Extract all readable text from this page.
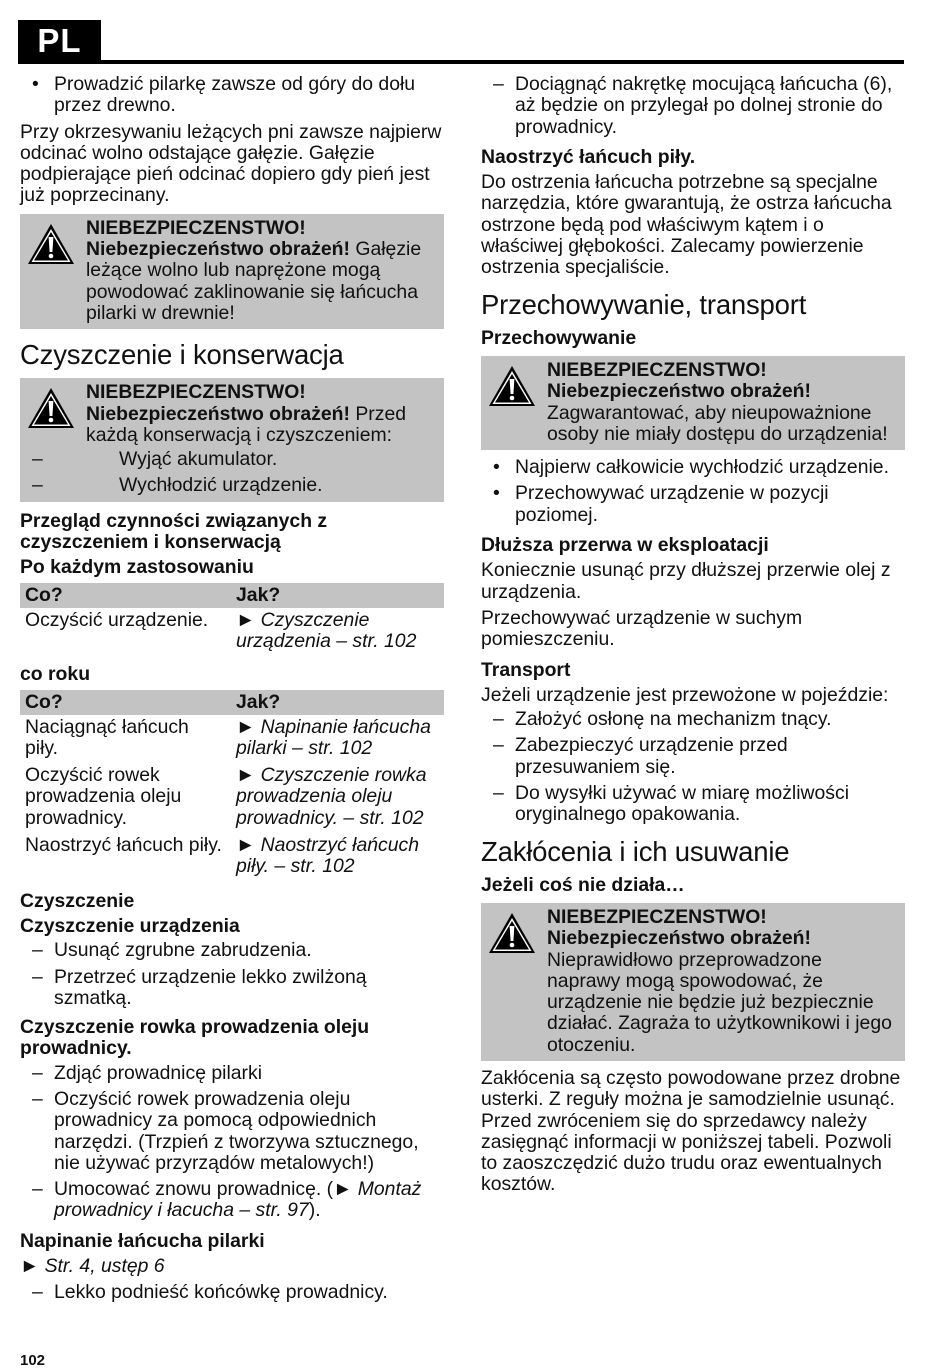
PL
• Prowadzić pilarkę zawsze od góry do dołu przez drewno.

Przy okrzesywaniu leżących pni zawsze najpierw odcinać wolno odstające gałęzie. Gałęzie podpierające pień odcinać dopiero gdy pień jest już poprzecinany.

NIEBEZPIECZENSTWO! Niebezpieczeństwo obrażeń! Gałęzie leżące wolno lub naprężone mogą powodować zaklinowanie się łańcucha pilarki w drewnie!
Czyszczenie i konserwacja
NIEBEZPIECZENSTWO! Niebezpieczeństwo obrażeń! Przed każdą konserwacją i czyszczeniem:
– Wyjąć akumulator.
– Wychłodzić urządzenie.
Przegląd czynności związanych z czyszczeniem i konserwacją
Po każdym zastosowaniu
Co?	Jak?
Oczyścić urządzenie.	► Czyszczenie urządzenia – str. 102
co roku
Co?	Jak?
Naciągnąć łańcuch piły.	► Napinanie łańcucha pilarki – str. 102
Oczyścić rowek prowadzenia oleju prowadnicy.	► Czyszczenie rowka prowadzenia oleju prowadnicy. – str. 102
Naostrzyć łańcuch piły.	► Naostrzyć łańcuch piły. – str. 102
Czyszczenie
Czyszczenie urządzenia
– Usunąć zgrubne zabrudzenia.
– Przetrzeć urządzenie lekko zwilżoną szmatką.
Czyszczenie rowka prowadzenia oleju prowadnicy.
– Zdjąć prowadnicę pilarki
– Oczyścić rowek prowadzenia oleju prowadnicy za pomocą odpowiednich narzędzi. (Trzpień z tworzywa sztucznego, nie używać przyrządów metalowych!)
– Umocować znowu prowadnicę. (► Montaż prowadnicy i łacucha – str. 97).
Napinanie łańcucha pilarki

► Str. 4, ustęp 6

– Lekko podnieść końcówkę prowadnicy.
– Dociągnąć nakrętkę mocującą łańcucha (6), aż będzie on przylegał po dolnej stronie do prowadnicy.
Naostrzyć łańcuch piły.

Do ostrzenia łańcucha potrzebne są specjalne narzędzia, które gwarantują, że ostrza łańcucha ostrzone będą pod właściwym kątem i o właściwej głębokości. Zalecamy powierzenie ostrzenia specjaliście.

Przechowywanie, transport
Przechowywanie
NIEBEZPIECZENSTWO! Niebezpieczeństwo obrażeń! Zagwarantować, aby nieupoważnione osoby nie miały dostępu do urządzenia!
• Najpierw całkowicie wychłodzić urządzenie.
• Przechowywać urządzenie w pozycji poziomej.
Dłuższa przerwa w eksploatacji

Koniecznie usunąć przy dłuższej przerwie olej z urządzenia.

Przechowywać urządzenie w suchym pomieszczeniu.

Transport

Jeżeli urządzenie jest przewożone w pojeździe:

– Założyć osłonę na mechanizm tnący.
– Zabezpieczyć urządzenie przed przesuwaniem się.
– Do wysyłki używać w miarę możliwości oryginalnego opakowania.
Zakłócenia i ich usuwanie
Jeżeli coś nie działa…
NIEBEZPIECZENSTWO! Niebezpieczeństwo obrażeń! Nieprawidłowo przeprowadzone naprawy mogą spowodować, że urządzenie nie będzie już bezpiecznie działać. Zagraża to użytkownikowi i jego otoczeniu.

Zakłócenia są często powodowane przez drobne usterki. Z reguły można je samodzielnie usunąć. Przed zwróceniem się do sprzedawcy należy zasięgnąć informacji w poniższej tabeli. Pozwoli to zaoszczędzić dużo trudu oraz ewentualnych kosztów.

102
